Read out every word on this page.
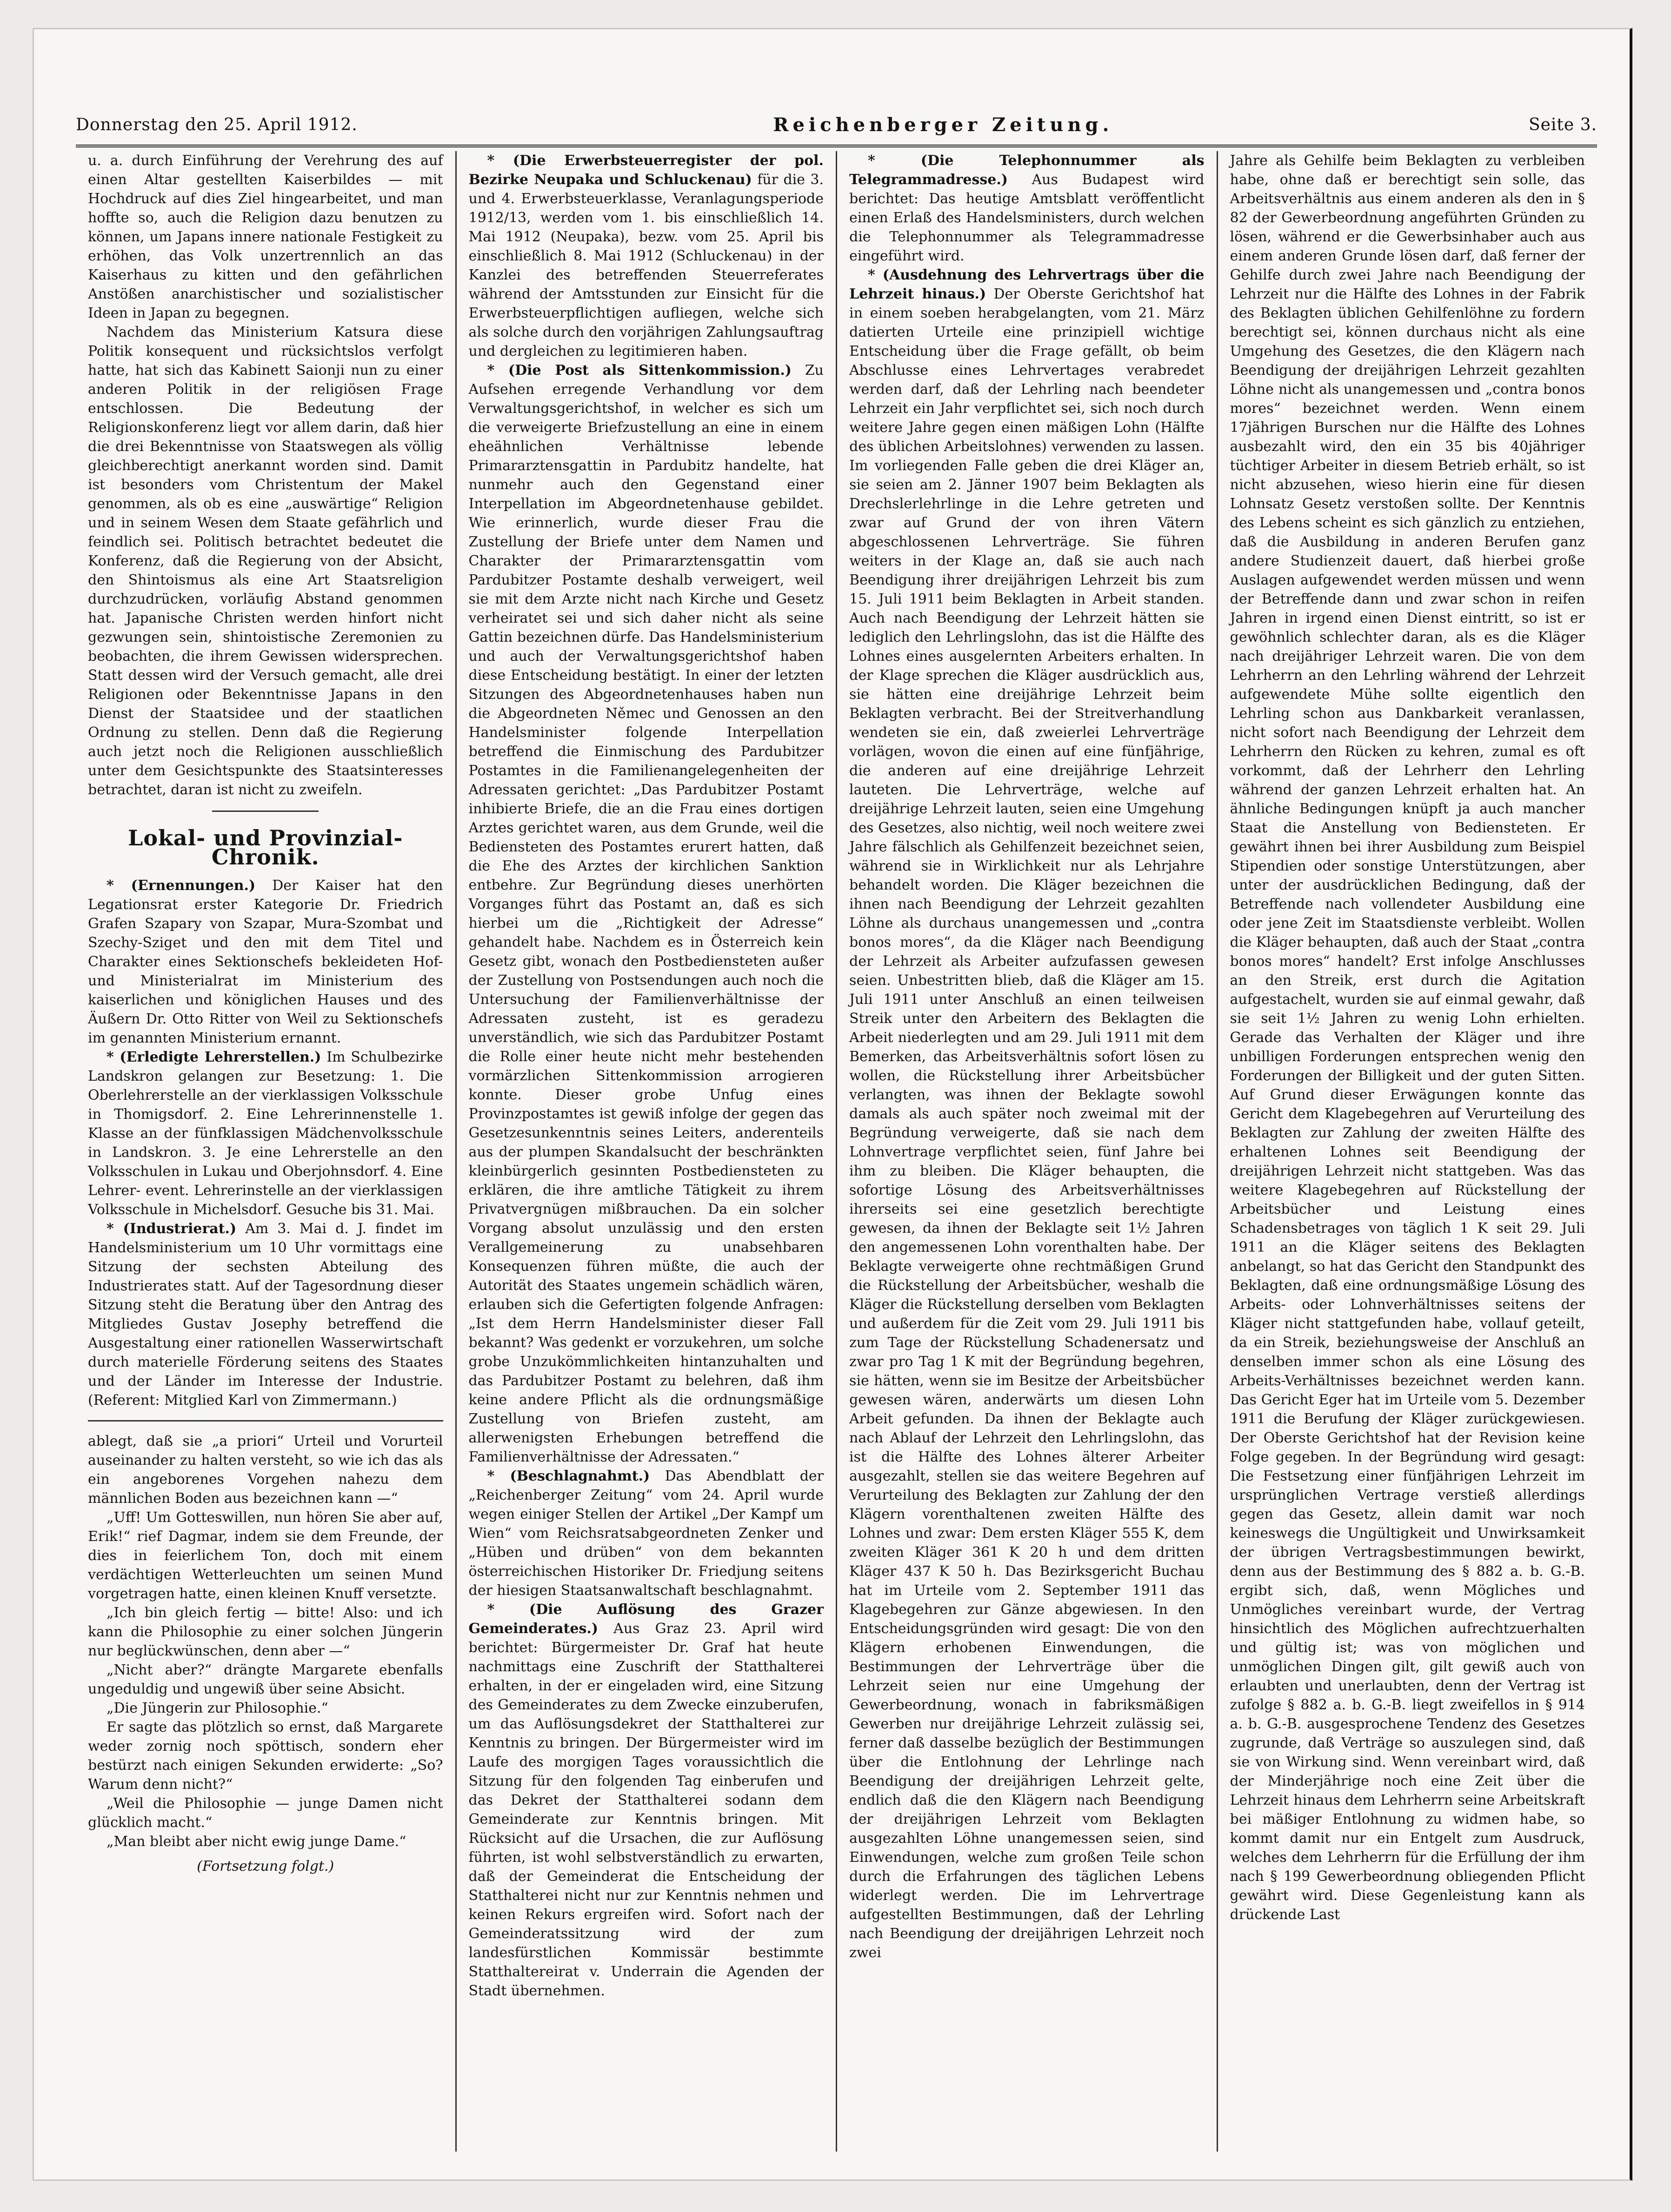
Donnerstag den 25. April 1912.	Reichenberger Zeitung.	Seite 3.

u. a. durch Einführung der Verehrung des auf einen Altar gestellten Kaiserbildes — mit Hochdruck auf dies Ziel hingearbeitet, und man hoffte so, auch die Religion dazu benutzen zu können, um Japans innere nationale Festigkeit zu erhöhen, das Volk unzertrennlich an das Kaiserhaus zu kitten und den gefährlichen Anstößen anarchistischer und sozialistischer Ideen in Japan zu begegnen.

Nachdem das Ministerium Katsura diese Politik konsequent und rücksichtslos verfolgt hatte, hat sich das Kabinett Saionji nun zu einer anderen Politik in der religiösen Frage entschlossen. Die Bedeutung der Religionskonferenz liegt vor allem darin, daß hier die drei Bekenntnisse von Staatswegen als völlig gleichberechtigt anerkannt worden sind. Damit ist besonders vom Christentum der Makel genommen, als ob es eine „auswärtige“ Religion und in seinem Wesen dem Staate gefährlich und feindlich sei. Politisch betrachtet bedeutet die Konferenz, daß die Regierung von der Absicht, den Shintoismus als eine Art Staatsreligion durchzudrücken, vorläufig Abstand genommen hat. Japanische Christen werden hinfort nicht gezwungen sein, shintoistische Zeremonien zu beobachten, die ihrem Gewissen widersprechen. Statt dessen wird der Versuch gemacht, alle drei Religionen oder Bekenntnisse Japans in den Dienst der Staatsidee und der staatlichen Ordnung zu stellen. Denn daß die Regierung auch jetzt noch die Religionen ausschließlich unter dem Gesichtspunkte des Staatsinteresses betrachtet, daran ist nicht zu zweifeln.

Lokal- und Provinzial-Chronik.

* (Ernennungen.) Der Kaiser hat den Legationsrat erster Kategorie Dr. Friedrich Grafen Szapary von Szapar, Mura-Szombat und Szechy-Sziget und den mit dem Titel und Charakter eines Sektionschefs bekleideten Hof- und Ministerialrat im Ministerium des kaiserlichen und königlichen Hauses und des Äußern Dr. Otto Ritter von Weil zu Sektionschefs im genannten Ministerium ernannt.

* (Erledigte Lehrerstellen.) Im Schulbezirke Landskron gelangen zur Besetzung: 1. Die Oberlehrerstelle an der vierklassigen Volksschule in Thomigsdorf. 2. Eine Lehrerinnenstelle 1. Klasse an der fünfklassigen Mädchenvolksschule in Landskron. 3. Je eine Lehrerstelle an den Volksschulen in Lukau und Oberjohnsdorf. 4. Eine Lehrer- event. Lehrerinstelle an der vierklassigen Volksschule in Michelsdorf. Gesuche bis 31. Mai.

* (Industrierat.) Am 3. Mai d. J. findet im Handelsministerium um 10 Uhr vormittags eine Sitzung der sechsten Abteilung des Industrierates statt. Auf der Tagesordnung dieser Sitzung steht die Beratung über den Antrag des Mitgliedes Gustav Josephy betreffend die Ausgestaltung einer rationellen Wasserwirtschaft durch materielle Förderung seitens des Staates und der Länder im Interesse der Industrie. (Referent: Mitglied Karl von Zimmermann.)

ablegt, daß sie „a priori“ Urteil und Vorurteil auseinander zu halten versteht, so wie ich das als ein angeborenes Vorgehen nahezu dem männlichen Boden aus bezeichnen kann —“

„Uff! Um Gotteswillen, nun hören Sie aber auf, Erik!“ rief Dagmar, indem sie dem Freunde, der dies in feierlichem Ton, doch mit einem verdächtigen Wetterleuchten um seinen Mund vorgetragen hatte, einen kleinen Knuff versetzte.

„Ich bin gleich fertig — bitte! Also: und ich kann die Philosophie zu einer solchen Jüngerin nur beglückwünschen, denn aber —“

„Nicht aber?“ drängte Margarete ebenfalls ungeduldig und ungewiß über seine Absicht.

„Die Jüngerin zur Philosophie.“

Er sagte das plötzlich so ernst, daß Margarete weder zornig noch spöttisch, sondern eher bestürzt nach einigen Sekunden erwiderte: „So? Warum denn nicht?“

„Weil die Philosophie — junge Damen nicht glücklich macht.“

„Man bleibt aber nicht ewig junge Dame.“

(Fortsetzung folgt.)

* (Die Erwerbsteuerregister der pol. Bezirke Neupaka und Schluckenau) für die 3. und 4. Erwerbsteuerklasse, Veranlagungsperiode 1912/13, werden vom 1. bis einschließlich 14. Mai 1912 (Neupaka), bezw. vom 25. April bis einschließlich 8. Mai 1912 (Schluckenau) in der Kanzlei des betreffenden Steuerreferates während der Amtsstunden zur Einsicht für die Erwerbsteuerpflichtigen aufliegen, welche sich als solche durch den vorjährigen Zahlungsauftrag und dergleichen zu legitimieren haben.

* (Die Post als Sittenkommission.) Zu Aufsehen erregende Verhandlung vor dem Verwaltungsgerichtshof, in welcher es sich um die verweigerte Briefzustellung an eine in einem eheähnlichen Verhältnisse lebende Primararztensgattin in Pardubitz handelte, hat nunmehr auch den Gegenstand einer Interpellation im Abgeordnetenhause gebildet. Wie erinnerlich, wurde dieser Frau die Zustellung der Briefe unter dem Namen und Charakter der Primararztensgattin vom Pardubitzer Postamte deshalb verweigert, weil sie mit dem Arzte nicht nach Kirche und Gesetz verheiratet sei und sich daher nicht als seine Gattin bezeichnen dürfe. Das Handelsministerium und auch der Verwaltungsgerichtshof haben diese Entscheidung bestätigt. In einer der letzten Sitzungen des Abgeordnetenhauses haben nun die Abgeordneten Němec und Genossen an den Handelsminister folgende Interpellation betreffend die Einmischung des Pardubitzer Postamtes in die Familienangelegenheiten der Adressaten gerichtet: „Das Pardubitzer Postamt inhibierte Briefe, die an die Frau eines dortigen Arztes gerichtet waren, aus dem Grunde, weil die Bediensteten des Postamtes erurert hatten, daß die Ehe des Arztes der kirchlichen Sanktion entbehre. Zur Begründung dieses unerhörten Vorganges führt das Postamt an, daß es sich hierbei um die „Richtigkeit der Adresse“ gehandelt habe. Nachdem es in Österreich kein Gesetz gibt, wonach den Postbediensteten außer der Zustellung von Postsendungen auch noch die Untersuchung der Familienverhältnisse der Adressaten zusteht, ist es geradezu unverständlich, wie sich das Pardubitzer Postamt die Rolle einer heute nicht mehr bestehenden vormärzlichen Sittenkommission arrogieren konnte. Dieser grobe Unfug eines Provinzpostamtes ist gewiß infolge der gegen das Gesetzesunkenntnis seines Leiters, anderenteils aus der plumpen Skandalsucht der beschränkten kleinbürgerlich gesinnten Postbediensteten zu erklären, die ihre amtliche Tätigkeit zu ihrem Privatvergnügen mißbrauchen. Da ein solcher Vorgang absolut unzulässig und den ersten Verallgemeinerung zu unabsehbaren Konsequenzen führen müßte, die auch der Autorität des Staates ungemein schädlich wären, erlauben sich die Gefertigten folgende Anfragen: „Ist dem Herrn Handelsminister dieser Fall bekannt? Was gedenkt er vorzukehren, um solche grobe Unzukömmlichkeiten hintanzuhalten und das Pardubitzer Postamt zu belehren, daß ihm keine andere Pflicht als die ordnungsmäßige Zustellung von Briefen zusteht, am allerwenigsten Erhebungen betreffend die Familienverhältnisse der Adressaten.“

* (Beschlagnahmt.) Das Abendblatt der „Reichenberger Zeitung“ vom 24. April wurde wegen einiger Stellen der Artikel „Der Kampf um Wien“ vom Reichsratsabgeordneten Zenker und „Hüben und drüben“ von dem bekannten österreichischen Historiker Dr. Friedjung seitens der hiesigen Staatsanwaltschaft beschlagnahmt.

* (Die Auflösung des Grazer Gemeinderates.) Aus Graz 23. April wird berichtet: Bürgermeister Dr. Graf hat heute nachmittags eine Zuschrift der Statthalterei erhalten, in der er eingeladen wird, eine Sitzung des Gemeinderates zu dem Zwecke einzuberufen, um das Auflösungsdekret der Statthalterei zur Kenntnis zu bringen. Der Bürgermeister wird im Laufe des morgigen Tages voraussichtlich die Sitzung für den folgenden Tag einberufen und das Dekret der Statthalterei sodann dem Gemeinderate zur Kenntnis bringen. Mit Rücksicht auf die Ursachen, die zur Auflösung führten, ist wohl selbstverständlich zu erwarten, daß der Gemeinderat die Entscheidung der Statthalterei nicht nur zur Kenntnis nehmen und keinen Rekurs ergreifen wird. Sofort nach der Gemeinderatssitzung wird der zum landesfürstlichen Kommissär bestimmte Statthaltereirat v. Underrain die Agenden der Stadt übernehmen.

* (Die Telephonnummer als Telegrammadresse.) Aus Budapest wird berichtet: Das heutige Amtsblatt veröffentlicht einen Erlaß des Handelsministers, durch welchen die Telephonnummer als Telegrammadresse eingeführt wird.

* (Ausdehnung des Lehrvertrags über die Lehrzeit hinaus.) Der Oberste Gerichtshof hat in einem soeben herabgelangten, vom 21. März datierten Urteile eine prinzipiell wichtige Entscheidung über die Frage gefällt, ob beim Abschlusse eines Lehrvertages verabredet werden darf, daß der Lehrling nach beendeter Lehrzeit ein Jahr verpflichtet sei, sich noch durch weitere Jahre gegen einen mäßigen Lohn (Hälfte des üblichen Arbeitslohnes) verwenden zu lassen. Im vorliegenden Falle geben die drei Kläger an, sie seien am 2. Jänner 1907 beim Beklagten als Drechslerlehrlinge in die Lehre getreten und zwar auf Grund der von ihren Vätern abgeschlossenen Lehrverträge. Sie führen weiters in der Klage an, daß sie auch nach Beendigung ihrer dreijährigen Lehrzeit bis zum 15. Juli 1911 beim Beklagten in Arbeit standen. Auch nach Beendigung der Lehrzeit hätten sie lediglich den Lehrlingslohn, das ist die Hälfte des Lohnes eines ausgelernten Arbeiters erhalten. In der Klage sprechen die Kläger ausdrücklich aus, sie hätten eine dreijährige Lehrzeit beim Beklagten verbracht. Bei der Streitverhandlung wendeten sie ein, daß zweierlei Lehrverträge vorlägen, wovon die einen auf eine fünfjährige, die anderen auf eine dreijährige Lehrzeit lauteten. Die Lehrverträge, welche auf dreijährige Lehrzeit lauten, seien eine Umgehung des Gesetzes, also nichtig, weil noch weitere zwei Jahre fälschlich als Gehilfenzeit bezeichnet seien, während sie in Wirklichkeit nur als Lehrjahre behandelt worden. Die Kläger bezeichnen die ihnen nach Beendigung der Lehrzeit gezahlten Löhne als durchaus unangemessen und „contra bonos mores“, da die Kläger nach Beendigung der Lehrzeit als Arbeiter aufzufassen gewesen seien. Unbestritten blieb, daß die Kläger am 15. Juli 1911 unter Anschluß an einen teilweisen Streik unter den Arbeitern des Beklagten die Arbeit niederlegten und am 29. Juli 1911 mit dem Bemerken, das Arbeitsverhältnis sofort lösen zu wollen, die Rückstellung ihrer Arbeitsbücher verlangten, was ihnen der Beklagte sowohl damals als auch später noch zweimal mit der Begründung verweigerte, daß sie nach dem Lohnvertrage verpflichtet seien, fünf Jahre bei ihm zu bleiben. Die Kläger behaupten, die sofortige Lösung des Arbeitsverhältnisses ihrerseits sei eine gesetzlich berechtigte gewesen, da ihnen der Beklagte seit 1½ Jahren den angemessenen Lohn vorenthalten habe. Der Beklagte verweigerte ohne rechtmäßigen Grund die Rückstellung der Arbeitsbücher, weshalb die Kläger die Rückstellung derselben vom Beklagten und außerdem für die Zeit vom 29. Juli 1911 bis zum Tage der Rückstellung Schadenersatz und zwar pro Tag 1 K mit der Begründung begehren, sie hätten, wenn sie im Besitze der Arbeitsbücher gewesen wären, anderwärts um diesen Lohn Arbeit gefunden. Da ihnen der Beklagte auch nach Ablauf der Lehrzeit den Lehrlingslohn, das ist die Hälfte des Lohnes älterer Arbeiter ausgezahlt, stellen sie das weitere Begehren auf Verurteilung des Beklagten zur Zahlung der den Klägern vorenthaltenen zweiten Hälfte des Lohnes und zwar: Dem ersten Kläger 555 K, dem zweiten Kläger 361 K 20 h und dem dritten Kläger 437 K 50 h. Das Bezirksgericht Buchau hat im Urteile vom 2. September 1911 das Klagebegehren zur Gänze abgewiesen. In den Entscheidungsgründen wird gesagt: Die von den Klägern erhobenen Einwendungen, die Bestimmungen der Lehrverträge über die Lehrzeit seien nur eine Umgehung der Gewerbeordnung, wonach in fabriksmäßigen Gewerben nur dreijährige Lehrzeit zulässig sei, ferner daß dasselbe bezüglich der Bestimmungen über die Entlohnung der Lehrlinge nach Beendigung der dreijährigen Lehrzeit gelte, endlich daß die den Klägern nach Beendigung der dreijährigen Lehrzeit vom Beklagten ausgezahlten Löhne unangemessen seien, sind Einwendungen, welche zum großen Teile schon durch die Erfahrungen des täglichen Lebens widerlegt werden. Die im Lehrvertrage aufgestellten Bestimmungen, daß der Lehrling nach Beendigung der dreijährigen Lehrzeit noch zwei

Jahre als Gehilfe beim Beklagten zu verbleiben habe, ohne daß er berechtigt sein solle, das Arbeitsverhältnis aus einem anderen als den in § 82 der Gewerbeordnung angeführten Gründen zu lösen, während er die Gewerbsinhaber auch aus einem anderen Grunde lösen darf, daß ferner der Gehilfe durch zwei Jahre nach Beendigung der Lehrzeit nur die Hälfte des Lohnes in der Fabrik des Beklagten üblichen Gehilfenlöhne zu fordern berechtigt sei, können durchaus nicht als eine Umgehung des Gesetzes, die den Klägern nach Beendigung der dreijährigen Lehrzeit gezahlten Löhne nicht als unangemessen und „contra bonos mores“ bezeichnet werden. Wenn einem 17jährigen Burschen nur die Hälfte des Lohnes ausbezahlt wird, den ein 35 bis 40jähriger tüchtiger Arbeiter in diesem Betrieb erhält, so ist nicht abzusehen, wieso hierin eine für diesen Lohnsatz Gesetz verstoßen sollte. Der Kenntnis des Lebens scheint es sich gänzlich zu entziehen, daß die Ausbildung in anderen Berufen ganz andere Studienzeit dauert, daß hierbei große Auslagen aufgewendet werden müssen und wenn der Betreffende dann und zwar schon in reifen Jahren in irgend einen Dienst eintritt, so ist er gewöhnlich schlechter daran, als es die Kläger nach dreijähriger Lehrzeit waren. Die von dem Lehrherrn an den Lehrling während der Lehrzeit aufgewendete Mühe sollte eigentlich den Lehrling schon aus Dankbarkeit veranlassen, nicht sofort nach Beendigung der Lehrzeit dem Lehrherrn den Rücken zu kehren, zumal es oft vorkommt, daß der Lehrherr den Lehrling während der ganzen Lehrzeit erhalten hat. An ähnliche Bedingungen knüpft ja auch mancher Staat die Anstellung von Bediensteten. Er gewährt ihnen bei ihrer Ausbildung zum Beispiel Stipendien oder sonstige Unterstützungen, aber unter der ausdrücklichen Bedingung, daß der Betreffende nach vollendeter Ausbildung eine oder jene Zeit im Staatsdienste verbleibt. Wollen die Kläger behaupten, daß auch der Staat „contra bonos mores“ handelt? Erst infolge Anschlusses an den Streik, erst durch die Agitation aufgestachelt, wurden sie auf einmal gewahr, daß sie seit 1½ Jahren zu wenig Lohn erhielten. Gerade das Verhalten der Kläger und ihre unbilligen Forderungen entsprechen wenig den Forderungen der Billigkeit und der guten Sitten. Auf Grund dieser Erwägungen konnte das Gericht dem Klagebegehren auf Verurteilung des Beklagten zur Zahlung der zweiten Hälfte des erhaltenen Lohnes seit Beendigung der dreijährigen Lehrzeit nicht stattgeben. Was das weitere Klagebegehren auf Rückstellung der Arbeitsbücher und Leistung eines Schadensbetrages von täglich 1 K seit 29. Juli 1911 an die Kläger seitens des Beklagten anbelangt, so hat das Gericht den Standpunkt des Beklagten, daß eine ordnungsmäßige Lösung des Arbeits- oder Lohnverhältnisses seitens der Kläger nicht stattgefunden habe, vollauf geteilt, da ein Streik, beziehungsweise der Anschluß an denselben immer schon als eine Lösung des Arbeits-Verhältnisses bezeichnet werden kann. Das Gericht Eger hat im Urteile vom 5. Dezember 1911 die Berufung der Kläger zurückgewiesen. Der Oberste Gerichtshof hat der Revision keine Folge gegeben. In der Begründung wird gesagt: Die Festsetzung einer fünfjährigen Lehrzeit im ursprünglichen Vertrage verstieß allerdings gegen das Gesetz, allein damit war noch keineswegs die Ungültigkeit und Unwirksamkeit der übrigen Vertragsbestimmungen bewirkt, denn aus der Bestimmung des § 882 a. b. G.-B. ergibt sich, daß, wenn Mögliches und Unmögliches vereinbart wurde, der Vertrag hinsichtlich des Möglichen aufrechtzuerhalten und gültig ist; was von möglichen und unmöglichen Dingen gilt, gilt gewiß auch von erlaubten und unerlaubten, denn der Vertrag ist zufolge § 882 a. b. G.-B. liegt zweifellos in § 914 a. b. G.-B. ausgesprochene Tendenz des Gesetzes zugrunde, daß Verträge so auszulegen sind, daß sie von Wirkung sind. Wenn vereinbart wird, daß der Minderjährige noch eine Zeit über die Lehrzeit hinaus dem Lehrherrn seine Arbeitskraft bei mäßiger Entlohnung zu widmen habe, so kommt damit nur ein Entgelt zum Ausdruck, welches dem Lehrherrn für die Erfüllung der ihm nach § 199 Gewerbeordnung obliegenden Pflicht gewährt wird. Diese Gegenleistung kann als drückende Last
